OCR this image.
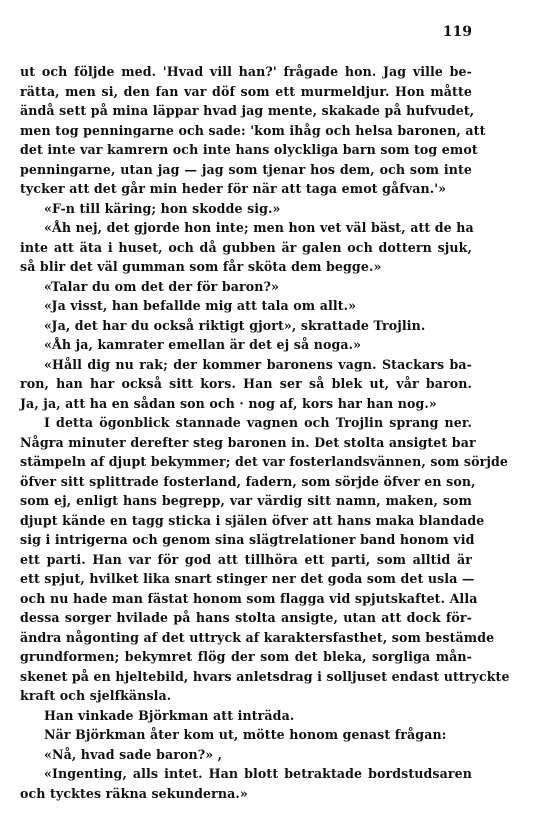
119
ut och följde med. 'Hvad vill han?' frågade hon. Jag ville be-
rätta, men si, den fan var döf som ett murmeldjur. Hon måtte
ändå sett på mina läppar hvad jag mente, skakade på hufvudet,
men tog penningarne och sade: 'kom ihåg och helsa baronen, att
det inte var kamrern och inte hans olyckliga barn som tog emot
penningarne, utan jag — jag som tjenar hos dem, och som inte
tycker att det går min heder för när att taga emot gåfvan.'»
«F-n till käring; hon skodde sig.»
«Åh nej, det gjorde hon inte; men hon vet väl bäst, att de ha
inte att äta i huset, och då gubben är galen och dottern sjuk,
så blir det väl gumman som får sköta dem begge.»
«Talar du om det der för baron?»
«Ja visst, han befallde mig att tala om allt.»
«Ja, det har du också riktigt gjort», skrattade Trojlin.
«Åh ja, kamrater emellan är det ej så noga.»
«Håll dig nu rak; der kommer baronens vagn. Stackars ba-
ron, han har också sitt kors. Han ser så blek ut, vår baron.
Ja, ja, att ha en sådan son och · nog af, kors har han nog.»
I detta ögonblick stannade vagnen och Trojlin sprang ner.
Några minuter derefter steg baronen in. Det stolta ansigtet bar
stämpeln af djupt bekymmer; det var fosterlandsvännen, som sörjde
öfver sitt splittrade fosterland, fadern, som sörjde öfver en son,
som ej, enligt hans begrepp, var värdig sitt namn, maken, som
djupt kände en tagg sticka i själen öfver att hans maka blandade
sig i intrigerna och genom sina slägtrelationer band honom vid
ett parti. Han var för god att tillhöra ett parti, som alltid är
ett spjut, hvilket lika snart stinger ner det goda som det usla —
och nu hade man fästat honom som flagga vid spjutskaftet. Alla
dessa sorger hvilade på hans stolta ansigte, utan att dock för-
ändra någonting af det uttryck af karaktersfasthet, som bestämde
grundformen; bekymret flög der som det bleka, sorgliga mån-
skenet på en hjeltebild, hvars anletsdrag i solljuset endast uttryckte
kraft och sjelfkänsla.
Han vinkade Björkman att inträda.
När Björkman åter kom ut, mötte honom genast frågan:
«Nå, hvad sade baron?» ,
«Ingenting, alls intet. Han blott betraktade bordstudsaren
och tycktes räkna sekunderna.»
